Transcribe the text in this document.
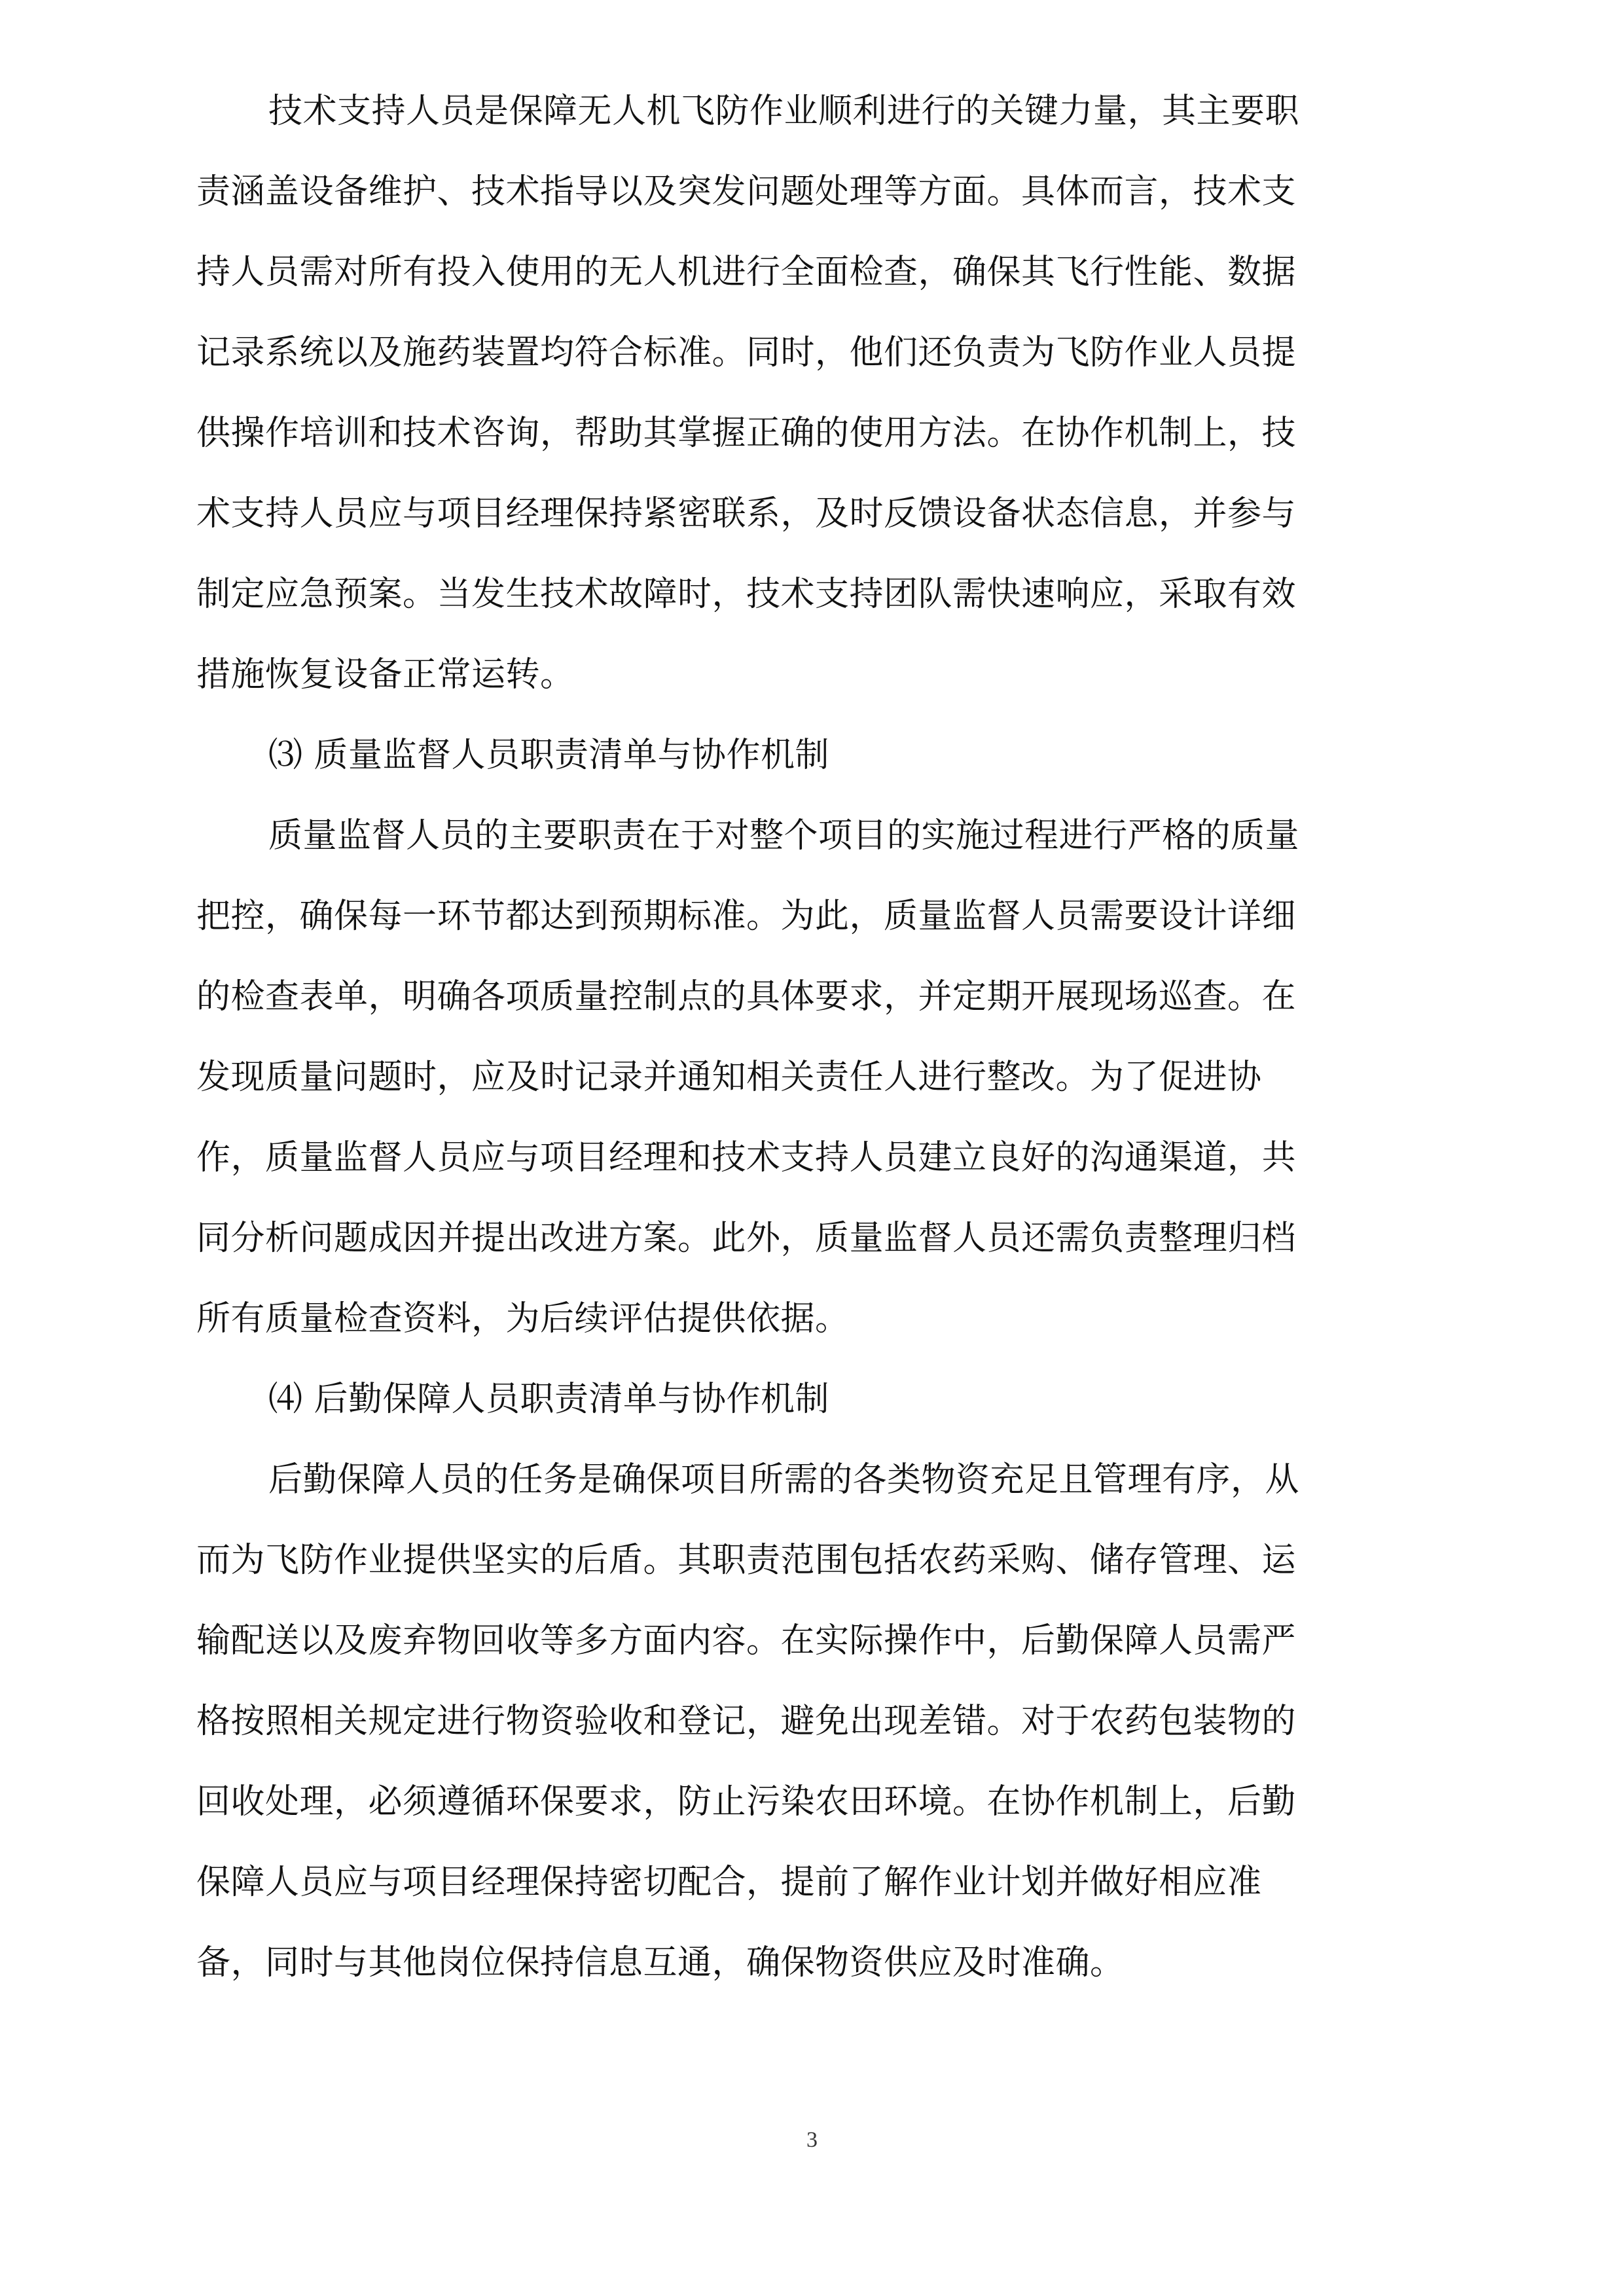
技术支持人员是保障无人机飞防作业顺利进行的关键力量，其主要职
责涵盖设备维护、技术指导以及突发问题处理等方面。具体而言，技术支
持人员需对所有投入使用的无人机进行全面检查，确保其飞行性能、数据
记录系统以及施药装置均符合标准。同时，他们还负责为飞防作业人员提
供操作培训和技术咨询，帮助其掌握正确的使用方法。在协作机制上，技
术支持人员应与项目经理保持紧密联系，及时反馈设备状态信息，并参与
制定应急预案。当发生技术故障时，技术支持团队需快速响应，采取有效
措施恢复设备正常运转。
⑶ 质量监督人员职责清单与协作机制
质量监督人员的主要职责在于对整个项目的实施过程进行严格的质量
把控，确保每一环节都达到预期标准。为此，质量监督人员需要设计详细
的检查表单，明确各项质量控制点的具体要求，并定期开展现场巡查。在
发现质量问题时，应及时记录并通知相关责任人进行整改。为了促进协
作，质量监督人员应与项目经理和技术支持人员建立良好的沟通渠道，共
同分析问题成因并提出改进方案。此外，质量监督人员还需负责整理归档
所有质量检查资料，为后续评估提供依据。
⑷ 后勤保障人员职责清单与协作机制
后勤保障人员的任务是确保项目所需的各类物资充足且管理有序，从
而为飞防作业提供坚实的后盾。其职责范围包括农药采购、储存管理、运
输配送以及废弃物回收等多方面内容。在实际操作中，后勤保障人员需严
格按照相关规定进行物资验收和登记，避免出现差错。对于农药包装物的
回收处理，必须遵循环保要求，防止污染农田环境。在协作机制上，后勤
保障人员应与项目经理保持密切配合，提前了解作业计划并做好相应准
备，同时与其他岗位保持信息互通，确保物资供应及时准确。
3
